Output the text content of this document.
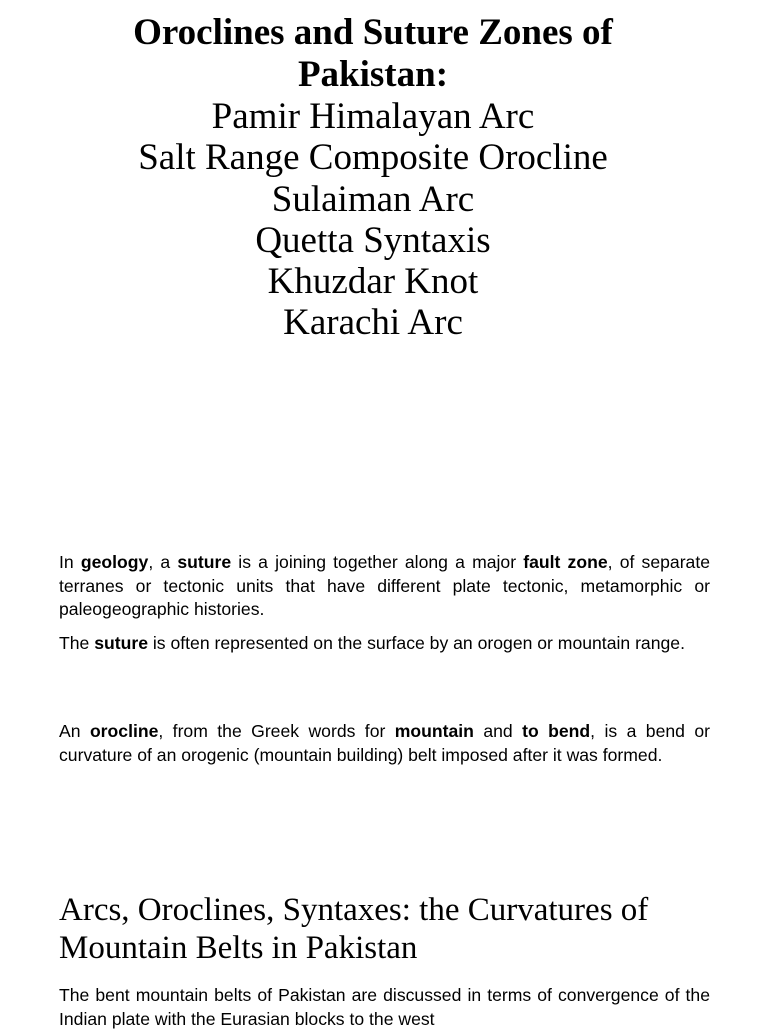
Oroclines and Suture Zones of Pakistan:
Pamir Himalayan Arc
Salt Range Composite Orocline
Sulaiman Arc
Quetta Syntaxis
Khuzdar Knot
Karachi Arc

In geology, a suture is a joining together along a major fault zone, of separate terranes or tectonic units that have different plate tectonic, metamorphic or paleogeographic histories.

The suture is often represented on the surface by an orogen or mountain range.

An orocline, from the Greek words for mountain and to bend, is a bend or curvature of an orogenic (mountain building) belt imposed after it was formed.

Arcs, Oroclines, Syntaxes: the Curvatures of Mountain Belts in Pakistan

The bent mountain belts of Pakistan are discussed in terms of convergence of the Indian plate with the Eurasian blocks to the west
